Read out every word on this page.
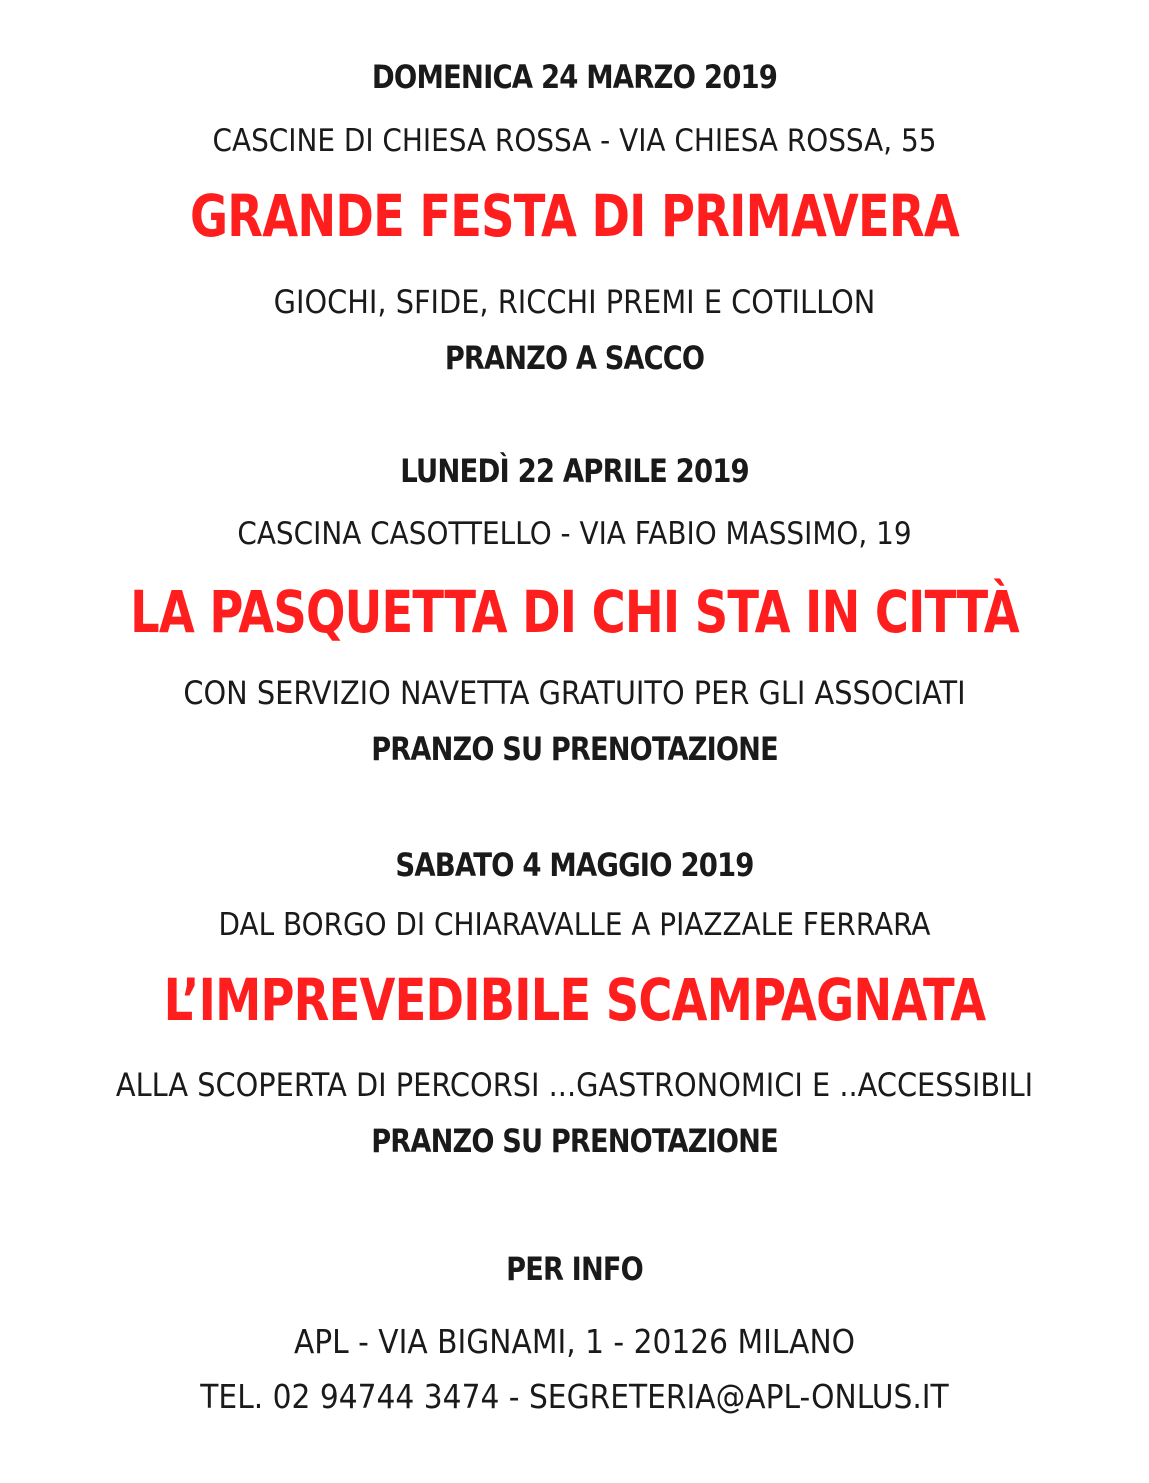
DOMENICA 24 MARZO 2019
CASCINE DI CHIESA ROSSA - VIA CHIESA ROSSA, 55
GRANDE FESTA DI PRIMAVERA
GIOCHI, SFIDE, RICCHI PREMI E COTILLON
PRANZO A SACCO
LUNEDÌ 22 APRILE 2019
CASCINA CASOTTELLO - VIA FABIO MASSIMO, 19
LA PASQUETTA DI CHI STA IN CITTÀ
CON SERVIZIO NAVETTA GRATUITO PER GLI ASSOCIATI
PRANZO SU PRENOTAZIONE
SABATO 4 MAGGIO 2019
DAL BORGO DI CHIARAVALLE A PIAZZALE FERRARA
L’IMPREVEDIBILE SCAMPAGNATA
ALLA SCOPERTA DI PERCORSI ...GASTRONOMICI E ..ACCESSIBILI
PRANZO SU PRENOTAZIONE
PER INFO
APL - VIA BIGNAMI, 1 - 20126 MILANO
TEL. 02 94744 3474 - SEGRETERIA@APL-ONLUS.IT
